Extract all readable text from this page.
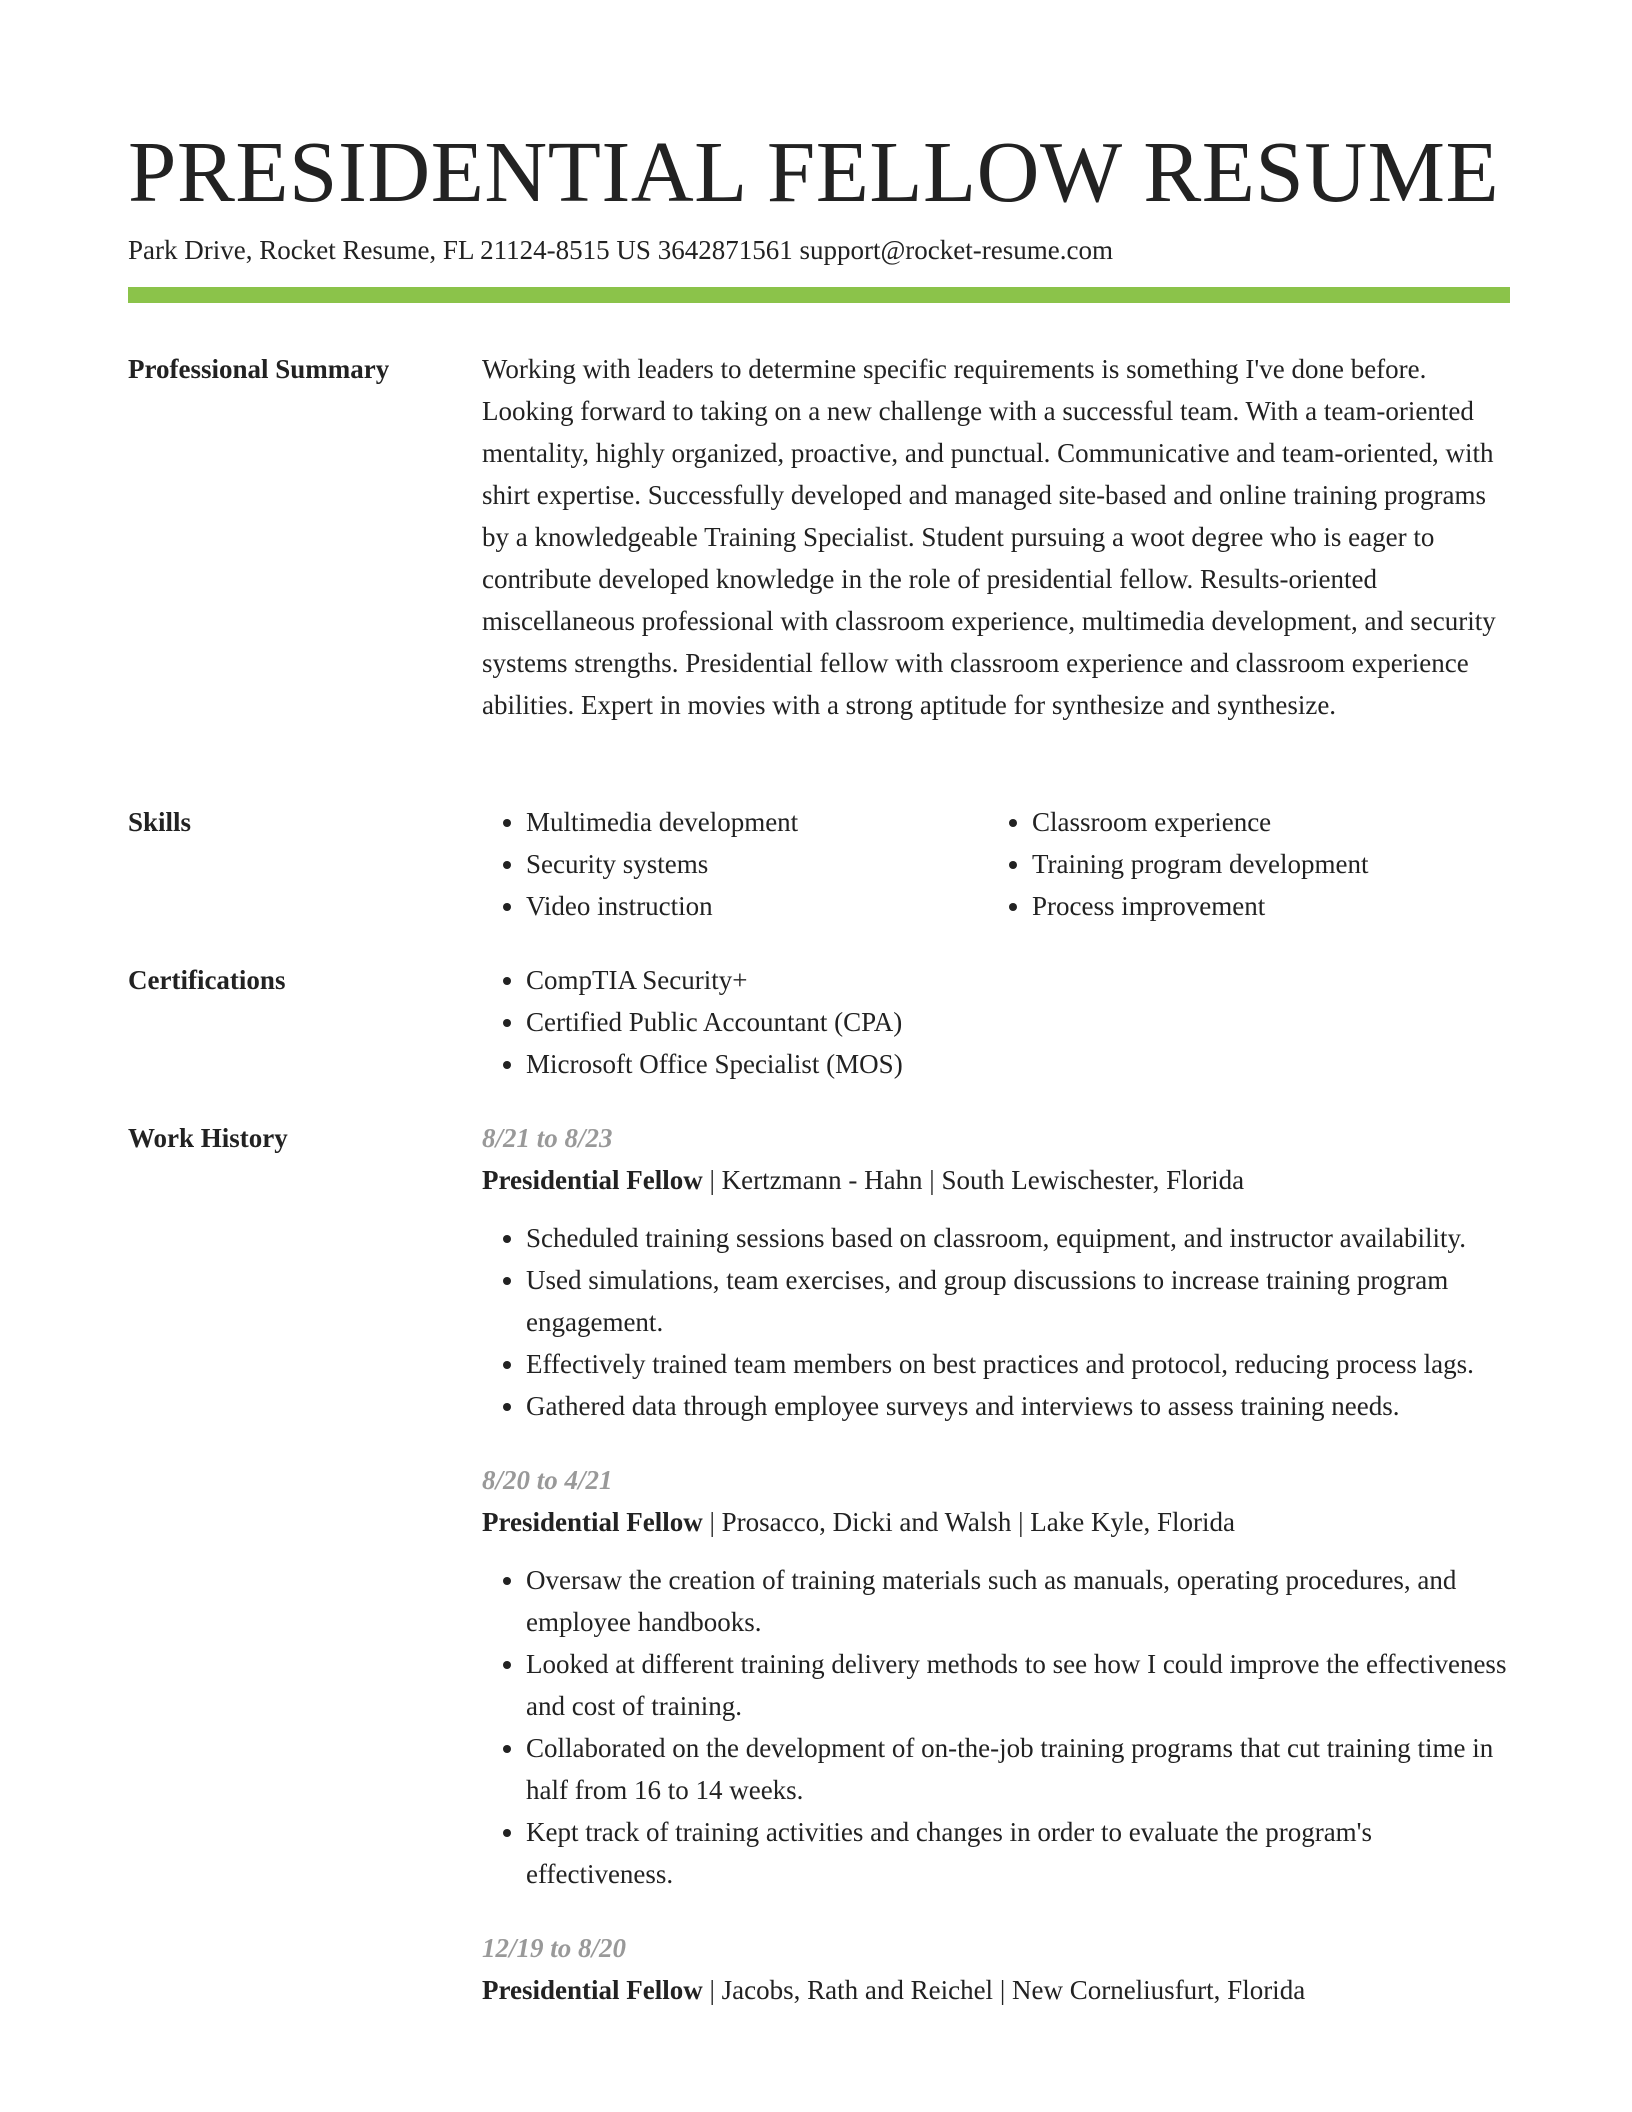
PRESIDENTIAL FELLOW RESUME
Park Drive, Rocket Resume, FL 21124-8515 US 3642871561 support@rocket-resume.com
Professional Summary	Working with leaders to determine specific requirements is something I've done before. Looking forward to taking on a new challenge with a successful team. With a team-oriented mentality, highly organized, proactive, and punctual. Communicative and team-oriented, with shirt expertise. Successfully developed and managed site-based and online training programs by a knowledgeable Training Specialist. Student pursuing a woot degree who is eager to contribute developed knowledge in the role of presidential fellow. Results-oriented miscellaneous professional with classroom experience, multimedia development, and security systems strengths. Presidential fellow with classroom experience and classroom experience abilities. Expert in movies with a strong aptitude for synthesize and synthesize.

Skills	• Multimedia development
• Security systems
• Video instruction
• Classroom experience
• Training program development
• Process improvement
Certifications	• CompTIA Security+
• Certified Public Accountant (CPA)
• Microsoft Office Specialist (MOS)
Work History	8/21 to 8/23
Presidential Fellow | Kertzmann - Hahn | South Lewischester, Florida
• Scheduled training sessions based on classroom, equipment, and instructor availability.
• Used simulations, team exercises, and group discussions to increase training program engagement.
• Effectively trained team members on best practices and protocol, reducing process lags.
• Gathered data through employee surveys and interviews to assess training needs.
8/20 to 4/21
Presidential Fellow | Prosacco, Dicki and Walsh | Lake Kyle, Florida
• Oversaw the creation of training materials such as manuals, operating procedures, and employee handbooks.
• Looked at different training delivery methods to see how I could improve the effectiveness and cost of training.
• Collaborated on the development of on-the-job training programs that cut training time in half from 16 to 14 weeks.
• Kept track of training activities and changes in order to evaluate the program's effectiveness.
12/19 to 8/20
Presidential Fellow | Jacobs, Rath and Reichel | New Corneliusfurt, Florida
